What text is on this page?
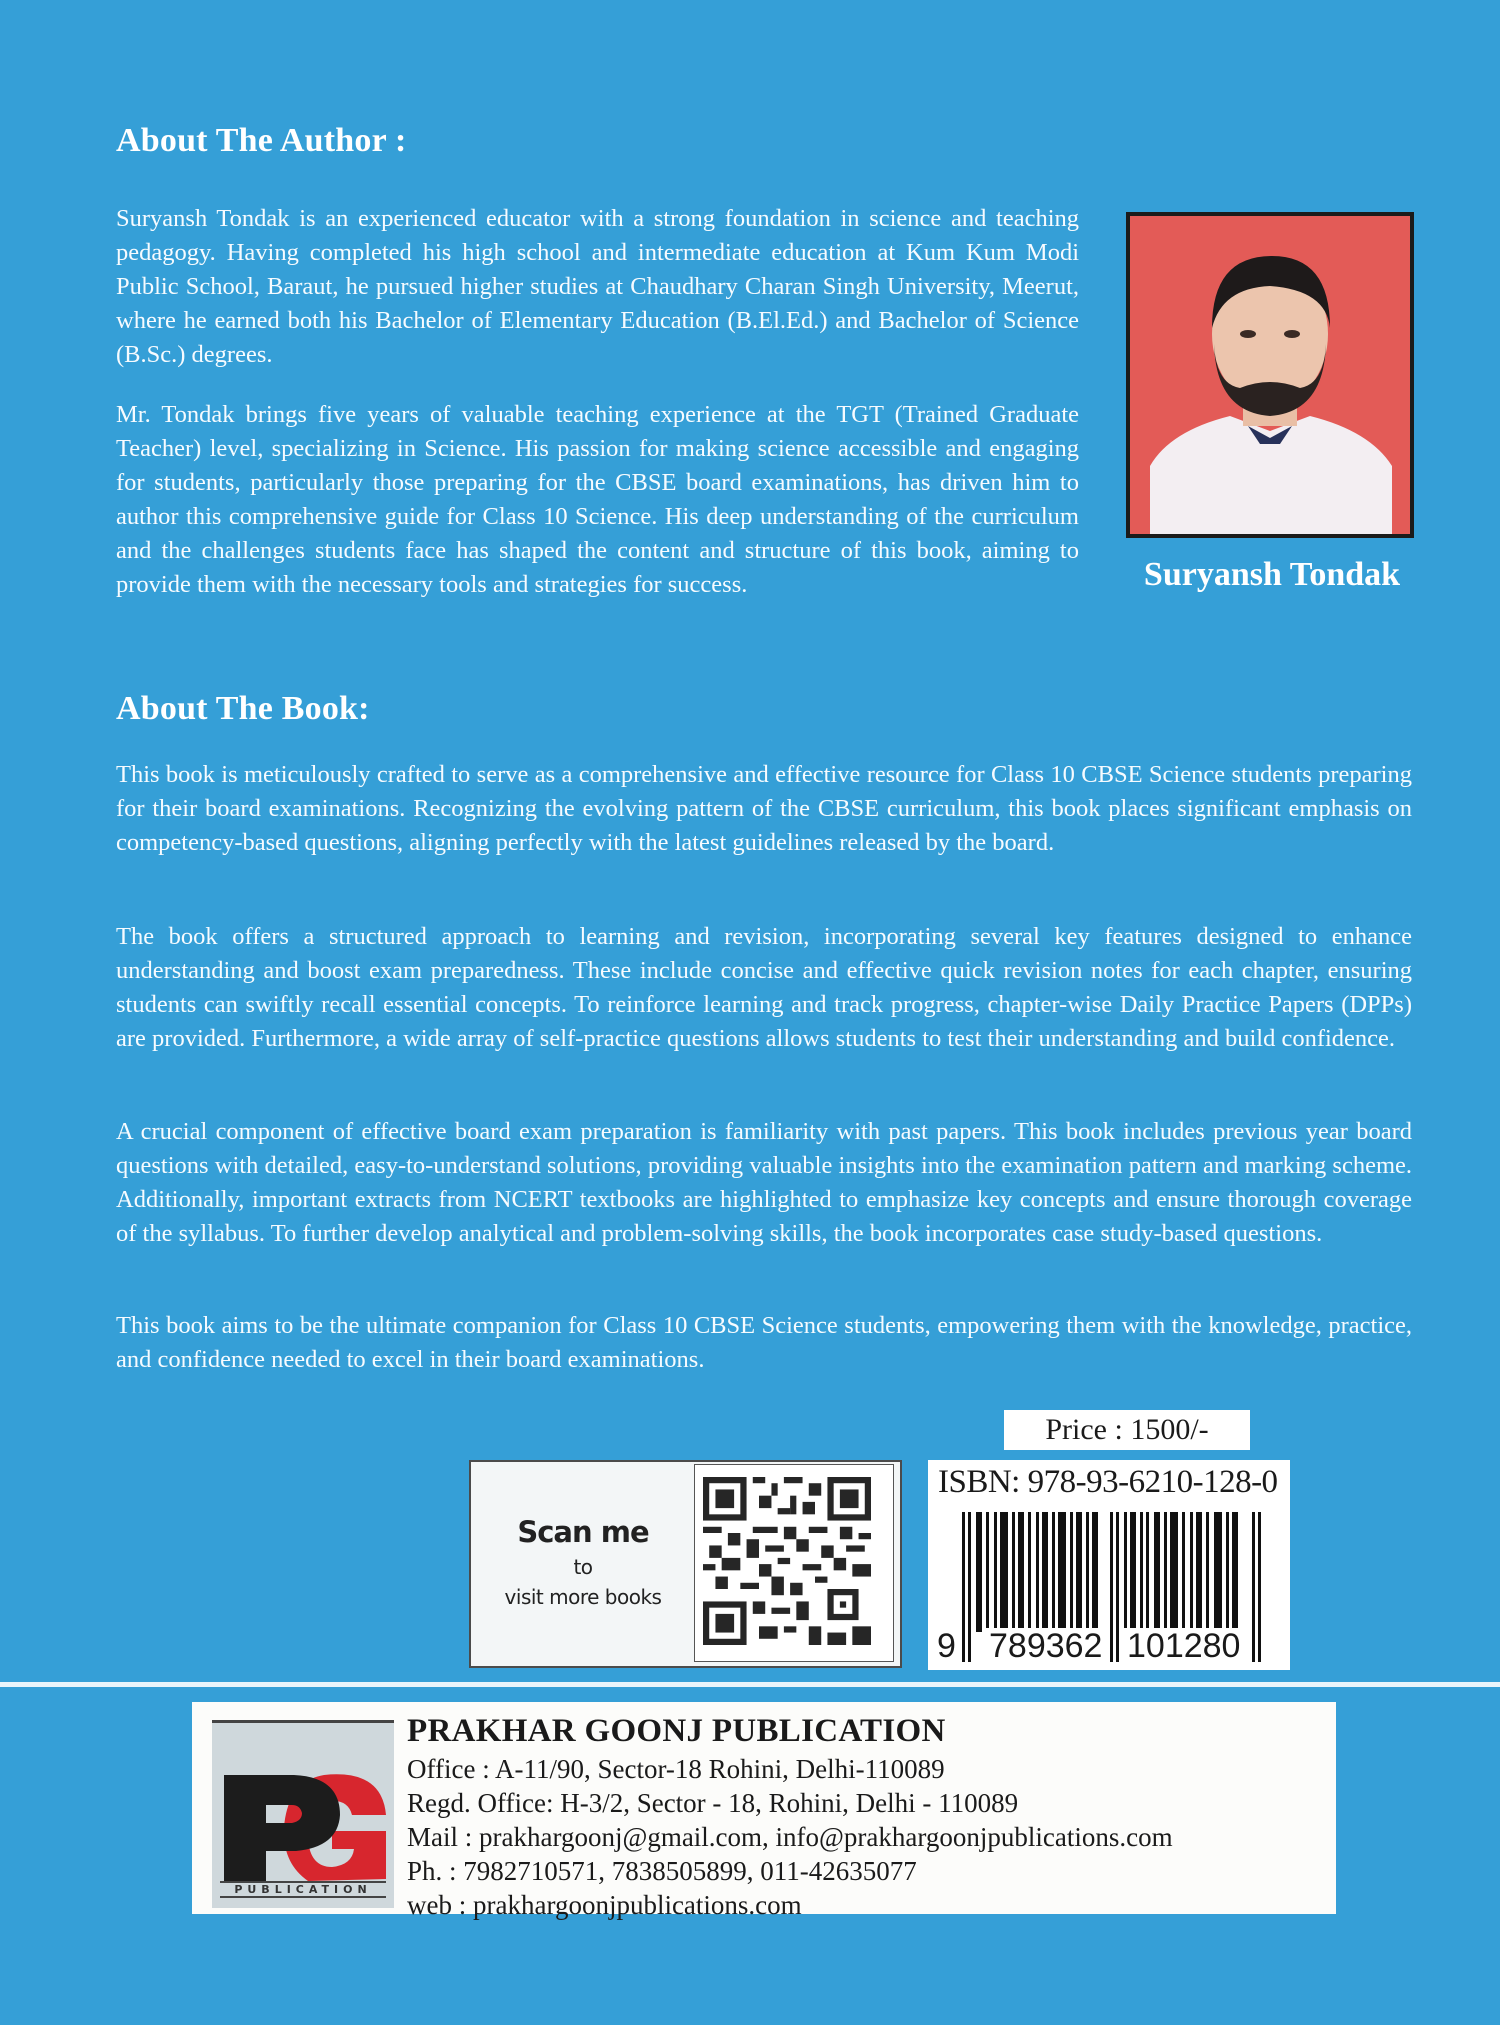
About The Author :
Suryansh Tondak is an experienced educator with a strong foundation in science and teaching pedagogy. Having completed his high school and intermediate education at Kum Kum Modi Public School, Baraut, he pursued higher studies at Chaudhary Charan Singh University, Meerut, where he earned both his Bachelor of Elementary Education (B.El.Ed.) and Bachelor of Science (B.Sc.) degrees.
Mr. Tondak brings five years of valuable teaching experience at the TGT (Trained Graduate Teacher) level, specializing in Science. His passion for making science accessible and engaging for students, particularly those preparing for the CBSE board examinations, has driven him to author this comprehensive guide for Class 10 Science. His deep understanding of the curriculum and the challenges students face has shaped the content and structure of this book, aiming to provide them with the necessary tools and strategies for success.	Suryansh Tondak
About The Book:
This book is meticulously crafted to serve as a comprehensive and effective resource for Class 10 CBSE Science students preparing for their board examinations. Recognizing the evolving pattern of the CBSE curriculum, this book places significant emphasis on competency-based questions, aligning perfectly with the latest guidelines released by the board.
The book offers a structured approach to learning and revision, incorporating several key features designed to enhance understanding and boost exam preparedness. These include concise and effective quick revision notes for each chapter, ensuring students can swiftly recall essential concepts. To reinforce learning and track progress, chapter-wise Daily Practice Papers (DPPs) are provided. Furthermore, a wide array of self-practice questions allows students to test their understanding and build confidence.
A crucial component of effective board exam preparation is familiarity with past papers. This book includes previous year board questions with detailed, easy-to-understand solutions, providing valuable insights into the examination pattern and marking scheme. Additionally, important extracts from NCERT textbooks are highlighted to emphasize key concepts and ensure thorough coverage of the syllabus. To further develop analytical and problem-solving skills, the book incorporates case study-based questions.
This book aims to be the ultimate companion for Class 10 CBSE Science students, empowering them with the knowledge, practice, and confidence needed to excel in their board examinations.
Price : 1500/-
Scan me
to
visit more books
ISBN: 978-93-6210-128-0
9 789362 101280
PUBLICATION
PRAKHAR GOONJ PUBLICATION
Office : A-11/90, Sector-18 Rohini, Delhi-110089
Regd. Office: H-3/2, Sector - 18, Rohini, Delhi - 110089
Mail : prakhargoonj@gmail.com, info@prakhargoonjpublications.com
Ph. : 7982710571, 7838505899, 011-42635077
web : prakhargoonjpublications.com
